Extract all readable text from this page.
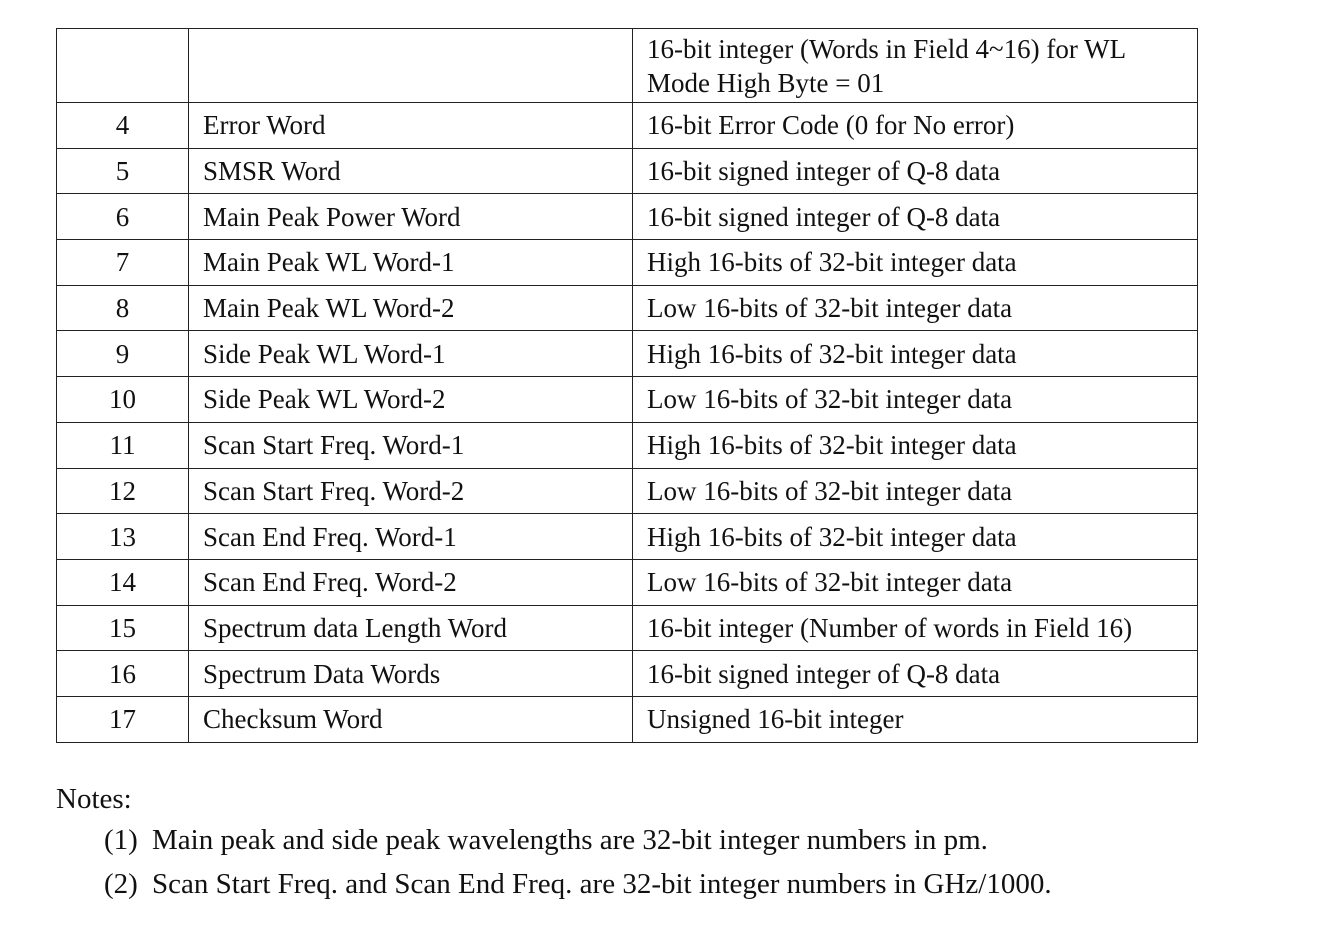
		16-bit integer (Words in Field 4~16) for WL
Mode High Byte = 01

4	Error Word	16-bit Error Code (0 for No error)
5	SMSR Word	16-bit signed integer of Q-8 data
6	Main Peak Power Word	16-bit signed integer of Q-8 data
7	Main Peak WL Word-1	High 16-bits of 32-bit integer data
8	Main Peak WL Word-2	Low 16-bits of 32-bit integer data
9	Side Peak WL Word-1	High 16-bits of 32-bit integer data
10	Side Peak WL Word-2	Low 16-bits of 32-bit integer data
11	Scan Start Freq. Word-1	High 16-bits of 32-bit integer data
12	Scan Start Freq. Word-2	Low 16-bits of 32-bit integer data
13	Scan End Freq. Word-1	High 16-bits of 32-bit integer data
14	Scan End Freq. Word-2	Low 16-bits of 32-bit integer data
15	Spectrum data Length Word	16-bit integer (Number of words in Field 16)
16	Spectrum Data Words	16-bit signed integer of Q-8 data
17	Checksum Word	Unsigned 16-bit integer
Notes:
(1) Main peak and side peak wavelengths are 32-bit integer numbers in pm.
(2) Scan Start Freq. and Scan End Freq. are 32-bit integer numbers in GHz/1000.
